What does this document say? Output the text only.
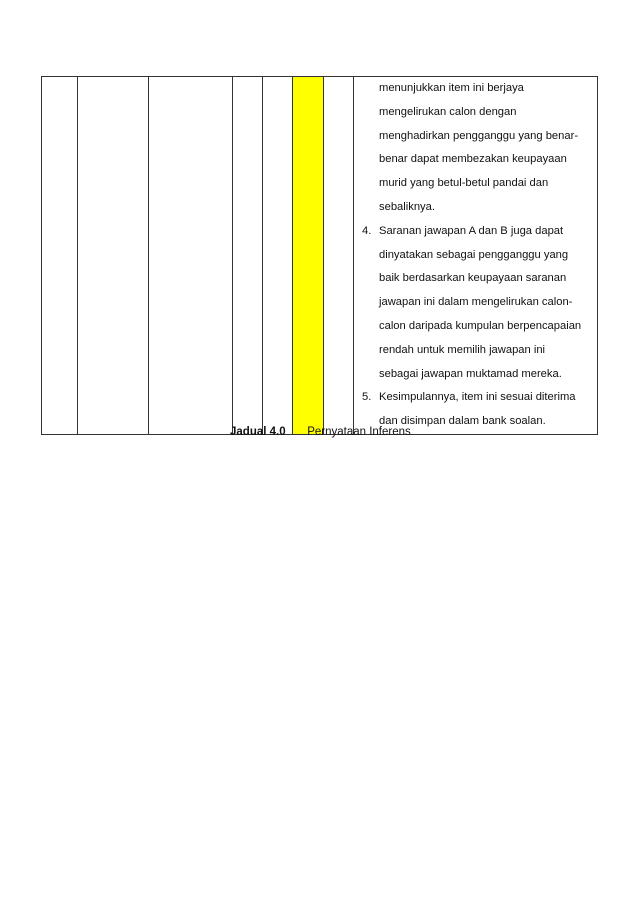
menunjukkan item ini berjaya
mengelirukan calon dengan
menghadirkan pengganggu yang benar-
benar dapat membezakan keupayaan
murid yang betul-betul pandai dan
sebaliknya.
4. Saranan jawapan A dan B juga dapat
dinyatakan sebagai pengganggu yang
baik berdasarkan keupayaan saranan
jawapan ini dalam mengelirukan calon-
calon daripada kumpulan berpencapaian
rendah untuk memilih jawapan ini
sebagai jawapan muktamad mereka.
5. Kesimpulannya, item ini sesuai diterima
dan disimpan dalam bank soalan.
Jadual 4.0 Pernyataan Inferens
